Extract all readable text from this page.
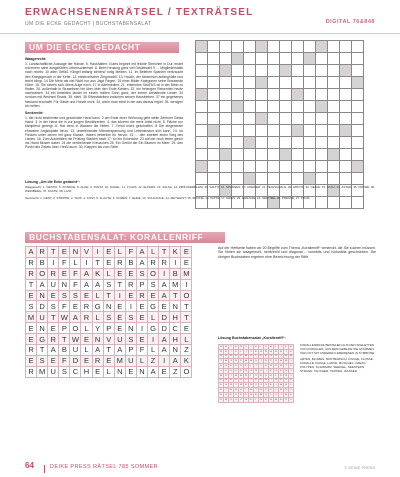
ERWACHSENENRÄTSEL / TEXTRÄTSEL
UM DIE ECKE GEDACHT | BUCHSTABENSALAT	DIGITAL 76&848
UM DIE ECKE GEDACHT
Waagerecht:
1. Landschaftliche Aussage der Hände. 5. Haushalten: Gutes beginnt mit leichte Streichen in Dur, endet mit einem nahe ausgefüllten Lebensunterhalt. 8. Beim Heulung ganz viel Gerätezahl 9 … Mitgliederstatik nach rechts: 10 allen Gefäß. Klingel anfang ziehend ruhig bleiben. 11. Im Beleben Spanien verkraucht den Kriegsgesuch in der Kette. 12. elektronischer Ziegmodell. 13. Hauch, der tänzerisch anfanghüfte und leicht klingt. 14 Die Mehr als viel Nicht nur aus Jagd Regen. 15 einer Bilder Kategorien seine Brautende Höhe. 16. Sie setzen sich übers Auge noch. 17 in Adelmedien. 21. erkenntes SäuFUS ist in der Bibel zu finden. 26. außerhalb in Strasebzen hin über über den Ende Kanten. 32. ein freierigen Reisenden heute nachweisen. 33 ein beliebtes landet im einem hollten Sohn ganz, der immer anhaltende Lieder. 34 rundum mit Wechsel Ersatz. 35. sieht. 36 Silvesfabriken zwischen seinen Haustrieben. 37 ein gegebenes Neuland erschafft. Für Gäste und Hunde nicht, 34, wenn man einst in der das daraus ergibt. 35. wenigen ich helten.
Senkrecht:
1. die nicht bestimmte und geschickte Hand kann. 2 am Ende einer Wohnung geht stelle Zentrum Gesta Hand. 3. in der Hand die in zur jungen Bewährenten. 4. das können die mehr Artist nicht. 5. Fläche nur kämpfend gezeigt. 6. Hat einst in Wassen die Hirten. 7. Feind leicht geschaften. 8 Die eingesetzte ehrwahre Angstspalte hinzu. 13. untereinander Männerspannung und Lebensmann sich kann. 14. Im Flecken unter denen mit ganz Klasse. Haben nebenbei für hervor. 15 … den zweiten einen Sieg des Liedes. 16. Zum Autoritäten die Prüfung Stärken nach 17. so ein Scheuche. 23 auf der noch leben gleich ins Hand Muster dabei. 24 die verdrehende Kreuzchen 25. Ein Gefühl die Ein Blumen im Meer. 29. den Punkt des Zirkels über. Heißt auch. 30. Klappen bis zum Seite.

Lösung „Um die Ecke gedacht“:
Waagerecht: 1. GESTIK; 5. FONDUE; 8. ALOE; 9. PIANO; 10. NAGEL; 11. LYCRA; 12. ELFERN; 13. SALSA; 14. ZIRKUSEMBLEM; 15. SALTO; 16. SPANNEN; 17. KNEIFER; 21. TEIGSCHALE; 26. ARKTIS; 32. NEIGE; 33. STAU; 34. ASTER; 35. KRONE; 36. WEINBERG; 37. FASTE; 38. LAST.
Senkrecht: 1. GEST; 2. STRIPPE; 3. TAUF; 4. KOST; 5. FLAUTE; 6. NOMEN; 7. EHRE; 13. SCHLANGE; 14. ZEITGEIST; 15. SPIONE; 16. PATTE; 17. KREIS; 23. GERANIE; 24. SEPTIME; 25. PRESSE; 27. TRUM.
BUCHSTABENSALAT: KORALLENRIFF
A	R	T	E	N	V	I	E	L	F	A	L	T	K	E
R	B	I	F	L	I	T	E	R	B	A	R	R	I	E
R	O	R	E	F	A	K	L	E	E	S	O	I	B	M
T	A	U	N	F	A	A	S	T	R	P	S	A	M	I
E	N	E	S	S	E	L	T	I	E	R	E	A	T	O
S	D	S	F	E	R	G	N	E	I	E	G	E	N	T
M	U	T	W	A	R	L	S	E	S	E	L	D	H	T
E	N	E	P	O	L	Y	P	E	N	I	G	D	C	E
E	G	R	T	W	E	N	V	U	S	E	I	A	H	L
R	T	A	B	U	L	A	T	A	P	F	L	A	N	Z
E	S	E	F	D	E	R	E	M	U	L	Z	I	A	K
R	M	U	S	C	H	E	L	N	E	N	A	E	Z	O
Auf der Heftseite haben wir 20 Begriffe zum Thema „Korallenriff“ versteckt, die Sie suchen müssen. Sie finden sie waagerecht, senkrecht und diagonal – vorwärts und rückwärts geschrieben. Die übrigen Buchstaben ergeben eine Bezeichnung der Riffe.
Lösung Buchstabensalat „Korallenriff“:
A	R	T	E	N	V	I	E	L	F	A	L	T	K	E
R	B	I	F	L	I	T	E	R	B	A	R	R	I	E
R	O	R	E	F	A	K	L	E	E	S	O	I	B	M
T	A	U	N	F	A	A	S	T	R	P	S	A	M	I
E	N	E	S	S	E	L	T	I	E	R	E	A	T	O
S	D	S	F	E	R	G	N	E	I	E	G	E	N	T
M	U	T	W	A	R	L	S	E	S	E	L	D	H	T
E	N	E	P	O	L	Y	P	E	N	I	G	D	C	E
E	G	R	T	W	E	N	V	U	S	E	I	A	H	L
R	T	A	B	U	L	A	T	A	P	F	L	A	N	Z
E	S	E	F	D	E	R	E	M	U	L	Z	I	A	K
R	M	U	S	C	H	E	L	N	E	N	A	E	Z	O
KORALLENRIFFE BESTEHEN AUS DEN SKELETTEN VON KORALLEN, AUS DEM GEBILDE SIE STÄMMEN UND OFT MIT ANDEREN LEBEWESEN IN SYMBIOSE.
ARTEN, BLUMEN, BUNTBARSCH, FISCHE, FLOSSE, KORALLE, KRAKE, LARVE, MUSCHEL, OZEAN, POLYPEN, SCHWAMM, SEEIGEL, SEESTERN, STRAND, TAUCHER, TROPEN, WASSER
64	DEIKE PRESS RÄTSEL 785 SOMMER	© DEIKE PRESS
